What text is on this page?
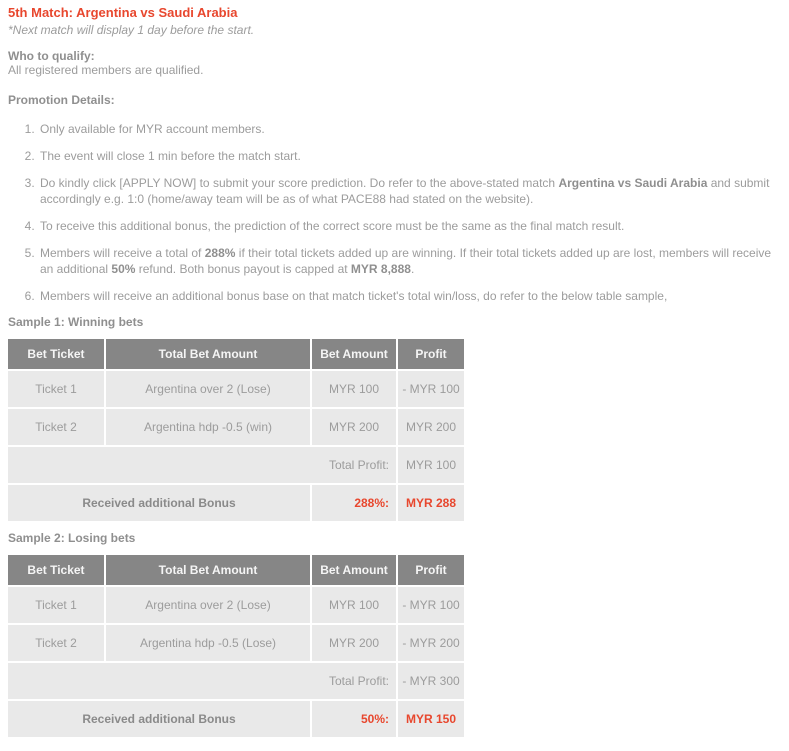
5th Match: Argentina vs Saudi Arabia
*Next match will display 1 day before the start.
Who to qualify:
All registered members are qualified.
Promotion Details:
1. Only available for MYR account members.
2. The event will close 1 min before the match start.
3. Do kindly click [APPLY NOW] to submit your score prediction. Do refer to the above-stated match Argentina vs Saudi Arabia and submit accordingly e.g. 1:0 (home/away team will be as of what PACE88 had stated on the website).
4. To receive this additional bonus, the prediction of the correct score must be the same as the final match result.
5. Members will receive a total of 288% if their total tickets added up are winning. If their total tickets added up are lost, members will receive an additional 50% refund. Both bonus payout is capped at MYR 8,888.
6. Members will receive an additional bonus base on that match ticket's total win/loss, do refer to the below table sample,
Sample 1: Winning bets
Bet Ticket	Total Bet Amount	Bet Amount	Profit
Ticket 1	Argentina over 2 (Lose)	MYR 100	- MYR 100
Ticket 2	Argentina hdp -0.5 (win)	MYR 200	MYR 200
Total Profit:			MYR 100
Received additional Bonus		288%:	MYR 288
Sample 2: Losing bets
Bet Ticket	Total Bet Amount	Bet Amount	Profit
Ticket 1	Argentina over 2 (Lose)	MYR 100	- MYR 100
Ticket 2	Argentina hdp -0.5 (Lose)	MYR 200	- MYR 200
Total Profit:			- MYR 300
Received additional Bonus		50%:	MYR 150
